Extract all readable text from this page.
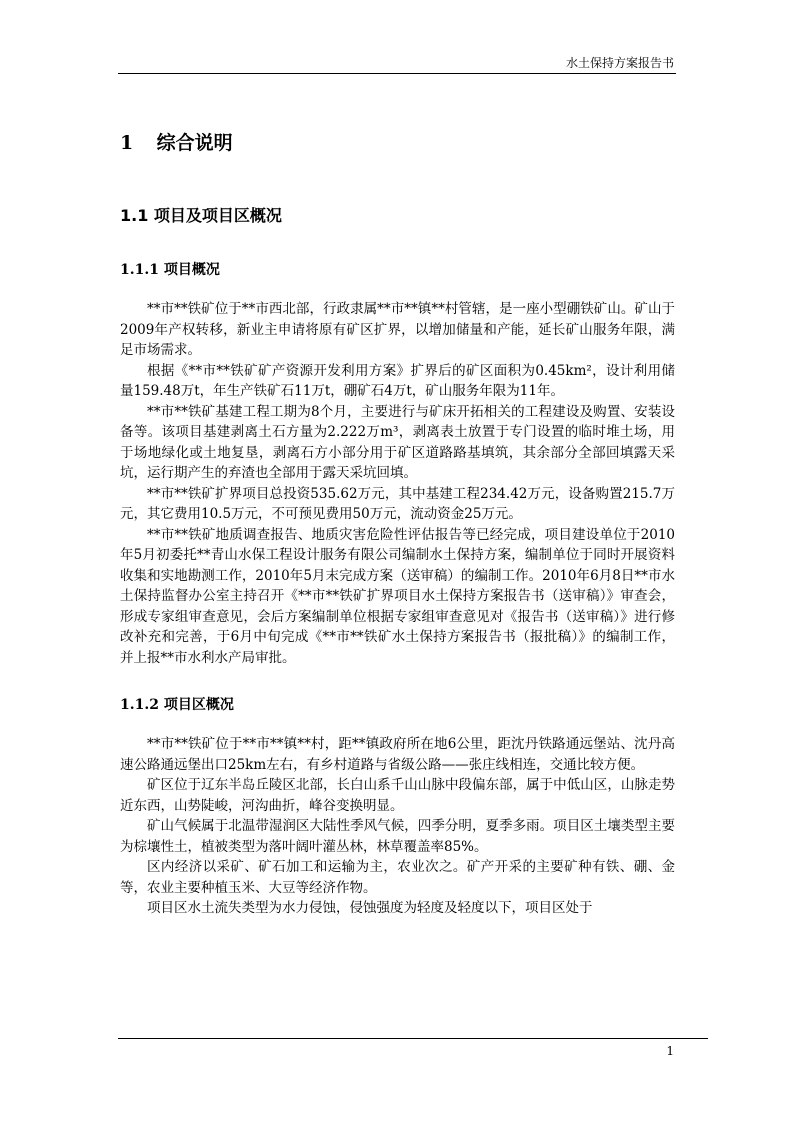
水土保持方案报告书
1 综合说明
1.1 项目及项目区概况
1.1.1 项目概况

**市**铁矿位于**市西北部，行政隶属**市**镇**村管辖，是一座小型硼铁矿山。矿山于2009年产权转移，新业主申请将原有矿区扩界，以增加储量和产能，延长矿山服务年限，满足市场需求。

根据《**市**铁矿矿产资源开发利用方案》扩界后的矿区面积为0.45km²，设计利用储量159.48万t，年生产铁矿石11万t，硼矿石4万t，矿山服务年限为11年。

**市**铁矿基建工程工期为8个月，主要进行与矿床开拓相关的工程建设及购置、安装设备等。该项目基建剥离土石方量为2.222万m³，剥离表土放置于专门设置的临时堆土场，用于场地绿化或土地复垦，剥离石方小部分用于矿区道路路基填筑，其余部分全部回填露天采坑，运行期产生的弃渣也全部用于露天采坑回填。

**市**铁矿扩界项目总投资535.62万元，其中基建工程234.42万元，设备购置215.7万元，其它费用10.5万元，不可预见费用50万元，流动资金25万元。

**市**铁矿地质调查报告、地质灾害危险性评估报告等已经完成，项目建设单位于2010年5月初委托**青山水保工程设计服务有限公司编制水土保持方案，编制单位于同时开展资料收集和实地勘测工作，2010年5月末完成方案（送审稿）的编制工作。2010年6月8日**市水土保持监督办公室主持召开《**市**铁矿扩界项目水土保持方案报告书（送审稿）》审查会，形成专家组审查意见，会后方案编制单位根据专家组审查意见对《报告书（送审稿）》进行修改补充和完善，于6月中旬完成《**市**铁矿水土保持方案报告书（报批稿）》的编制工作，并上报**市水利水产局审批。

1.1.2 项目区概况

**市**铁矿位于**市**镇**村，距**镇政府所在地6公里，距沈丹铁路通远堡站、沈丹高速公路通远堡出口25km左右，有乡村道路与省级公路——张庄线相连，交通比较方便。

矿区位于辽东半岛丘陵区北部，长白山系千山山脉中段偏东部，属于中低山区，山脉走势近东西，山势陡峻，河沟曲折，峰谷变换明显。

矿山气候属于北温带湿润区大陆性季风气候，四季分明，夏季多雨。项目区土壤类型主要为棕壤性土，植被类型为落叶阔叶灌丛林，林草覆盖率85%。

区内经济以采矿、矿石加工和运输为主，农业次之。矿产开采的主要矿种有铁、硼、金等，农业主要种植玉米、大豆等经济作物。

项目区水土流失类型为水力侵蚀，侵蚀强度为轻度及轻度以下，项目区处于

1
